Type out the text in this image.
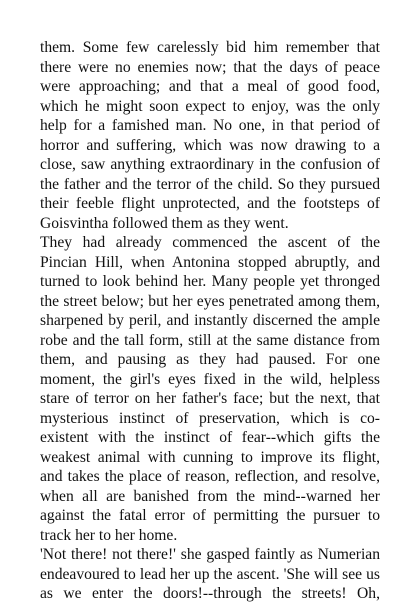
them. Some few carelessly bid him remember that there were no enemies now; that the days of peace were approaching; and that a meal of good food, which he might soon expect to enjoy, was the only help for a famished man. No one, in that period of horror and suffering, which was now drawing to a close, saw anything extraordinary in the confusion of the father and the terror of the child. So they pursued their feeble flight unprotected, and the footsteps of Goisvintha followed them as they went.

They had already commenced the ascent of the Pincian Hill, when Antonina stopped abruptly, and turned to look behind her. Many people yet thronged the street below; but her eyes penetrated among them, sharpened by peril, and instantly discerned the ample robe and the tall form, still at the same distance from them, and pausing as they had paused. For one moment, the girl's eyes fixed in the wild, helpless stare of terror on her father's face; but the next, that mysterious instinct of preservation, which is co-existent with the instinct of fear--which gifts the weakest animal with cunning to improve its flight, and takes the place of reason, reflection, and resolve, when all are banished from the mind--warned her against the fatal error of permitting the pursuer to track her to her home.

'Not there! not there!' she gasped faintly as Numerian endeavoured to lead her up the ascent. 'She will see us as we enter the doors!--through the streets! Oh,
